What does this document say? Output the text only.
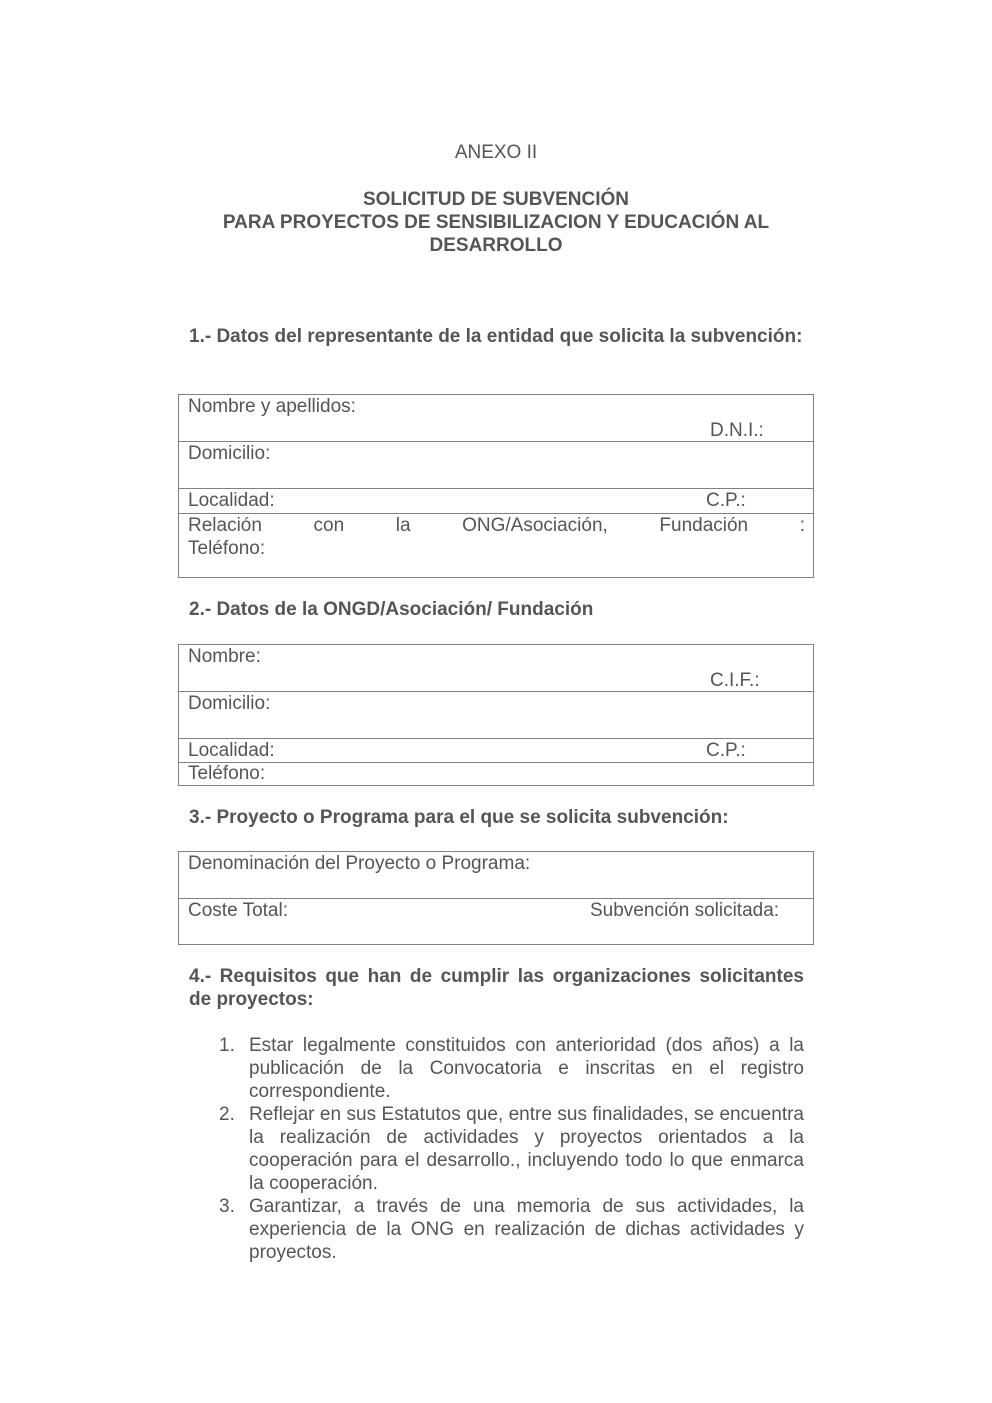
ANEXO II
SOLICITUD DE SUBVENCIÓN
PARA PROYECTOS DE SENSIBILIZACION Y EDUCACIÓN AL
DESARROLLO
1.- Datos del representante de la entidad que solicita la subvención:
Nombre y apellidos:
D.N.I.:
Domicilio:
Localidad:	C.P.:
Relación con la ONG/Asociación, Fundación :
Teléfono:
2.- Datos de la ONGD/Asociación/ Fundación
Nombre:
C.I.F.:
Domicilio:
Localidad:	C.P.:
Teléfono:
3.- Proyecto o Programa para el que se solicita subvención:
Denominación del Proyecto o Programa:
Coste Total:	Subvención solicitada:
4.- Requisitos que han de cumplir las organizaciones solicitantes de proyectos:
1. Estar legalmente constituidos con anterioridad (dos años) a la publicación de la Convocatoria e inscritas en el registro correspondiente.
2. Reflejar en sus Estatutos que, entre sus finalidades, se encuentra la realización de actividades y proyectos orientados a la cooperación para el desarrollo., incluyendo todo lo que enmarca la cooperación.
3. Garantizar, a través de una memoria de sus actividades, la experiencia de la ONG en realización de dichas actividades y proyectos.
